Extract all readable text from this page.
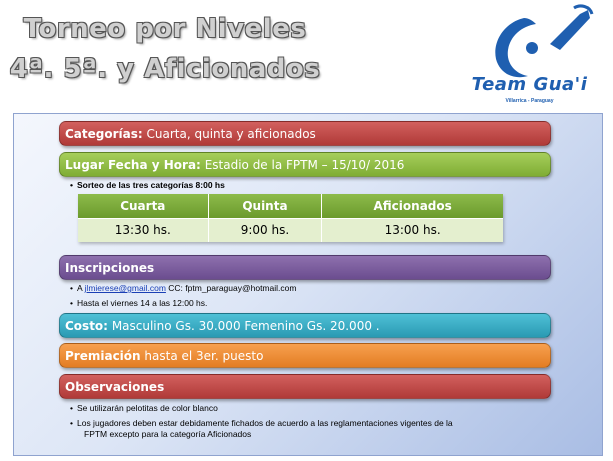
Torneo por Niveles
4ª. 5ª. y Aficionados
Team Gua'i
Villarrica - Paraguay
Categorías: Cuarta, quinta y aficionados
Lugar Fecha y Hora: Estadio de la FPTM – 15/10/ 2016
• Sorteo de las tres categorías 8:00 hs
Cuarta	Quinta	Aficionados
13:30 hs.	9:00 hs.	13:00 hs.
Inscripciones
• A jlmierese@gmail.com CC: fptm_paraguay@hotmail.com
• Hasta el viernes 14 a las 12:00 hs.
Costo: Masculino Gs. 30.000 Femenino Gs. 20.000 .
Premiación hasta el 3er. puesto
Observaciones
• Se utilizarán pelotitas de color blanco
• Los jugadores deben estar debidamente fichados de acuerdo a las reglamentaciones vigentes de la
FPTM excepto para la categoría Aficionados
